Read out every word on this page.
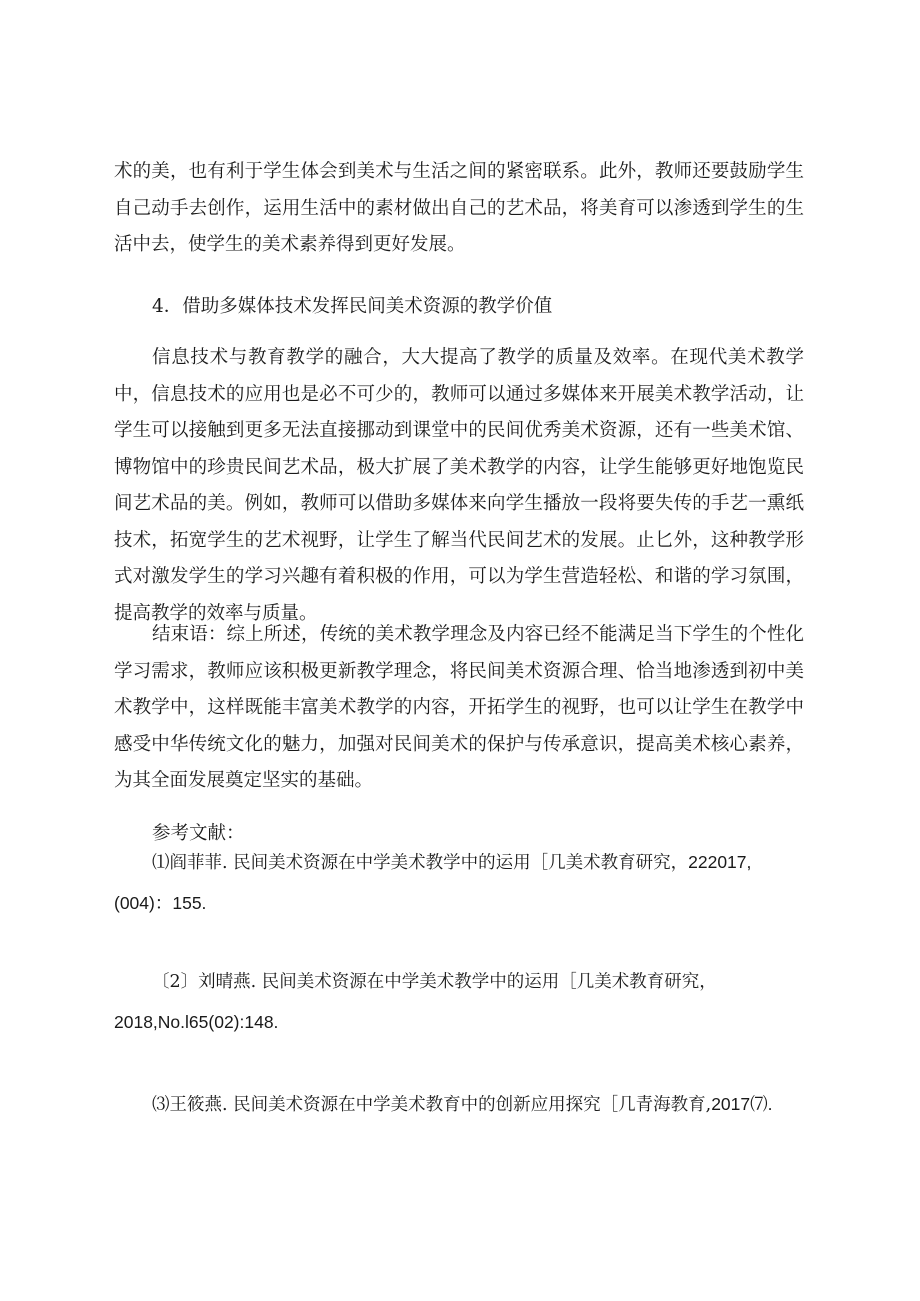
术的美，也有利于学生体会到美术与生活之间的紧密联系。此外，教师还要鼓励学生自己动手去创作，运用生活中的素材做出自己的艺术品，将美育可以渗透到学生的生活中去，使学生的美术素养得到更好发展。

4．借助多媒体技术发挥民间美术资源的教学价值

信息技术与教育教学的融合，大大提高了教学的质量及效率。在现代美术教学中，信息技术的应用也是必不可少的，教师可以通过多媒体来开展美术教学活动，让学生可以接触到更多无法直接挪动到课堂中的民间优秀美术资源，还有一些美术馆、博物馆中的珍贵民间艺术品，极大扩展了美术教学的内容，让学生能够更好地饱览民间艺术品的美。例如，教师可以借助多媒体来向学生播放一段将要失传的手艺一熏纸技术，拓宽学生的艺术视野，让学生了解当代民间艺术的发展。止匕外，这种教学形式对激发学生的学习兴趣有着积极的作用，可以为学生营造轻松、和谐的学习氛围，提高教学的效率与质量。

结束语：综上所述，传统的美术教学理念及内容已经不能满足当下学生的个性化学习需求，教师应该积极更新教学理念，将民间美术资源合理、恰当地渗透到初中美术教学中，这样既能丰富美术教学的内容，开拓学生的视野，也可以让学生在教学中感受中华传统文化的魅力，加强对民间美术的保护与传承意识，提高美术核心素养，为其全面发展奠定坚实的基础。

参考文献：

⑴阎菲菲. 民间美术资源在中学美术教学中的运用［几美术教育研究，222017,(004)：155.

〔2〕刘晴燕. 民间美术资源在中学美术教学中的运用［几美术教育研究，2018,No.l65(02):148.

⑶王筱燕. 民间美术资源在中学美术教育中的创新应用探究［几青海教育,2017⑺.
